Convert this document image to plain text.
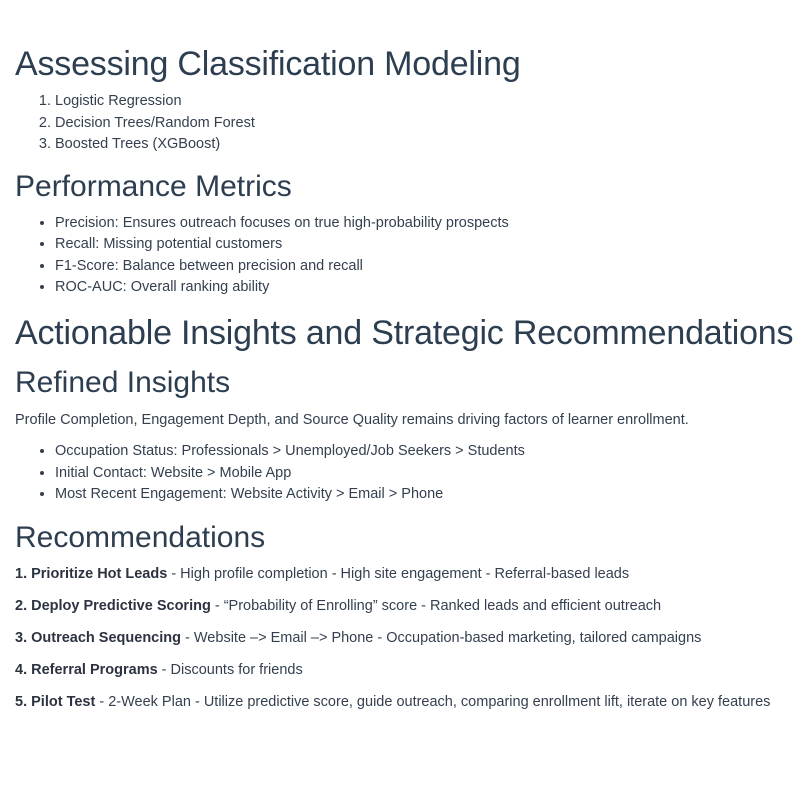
Assessing Classification Modeling
1. Logistic Regression
2. Decision Trees/Random Forest
3. Boosted Trees (XGBoost)
Performance Metrics
• Precision: Ensures outreach focuses on true high-probability prospects
• Recall: Missing potential customers
• F1-Score: Balance between precision and recall
• ROC-AUC: Overall ranking ability
Actionable Insights and Strategic Recommendations
Refined Insights

Profile Completion, Engagement Depth, and Source Quality remains driving factors of learner enrollment.

• Occupation Status: Professionals > Unemployed/Job Seekers > Students
• Initial Contact: Website > Mobile App
• Most Recent Engagement: Website Activity > Email > Phone
Recommendations

1. Prioritize Hot Leads - High profile completion - High site engagement - Referral-based leads

2. Deploy Predictive Scoring - “Probability of Enrolling” score - Ranked leads and efficient outreach

3. Outreach Sequencing - Website –> Email –> Phone - Occupation-based marketing, tailored campaigns

4. Referral Programs - Discounts for friends

5. Pilot Test - 2-Week Plan - Utilize predictive score, guide outreach, comparing enrollment lift, iterate on key features
